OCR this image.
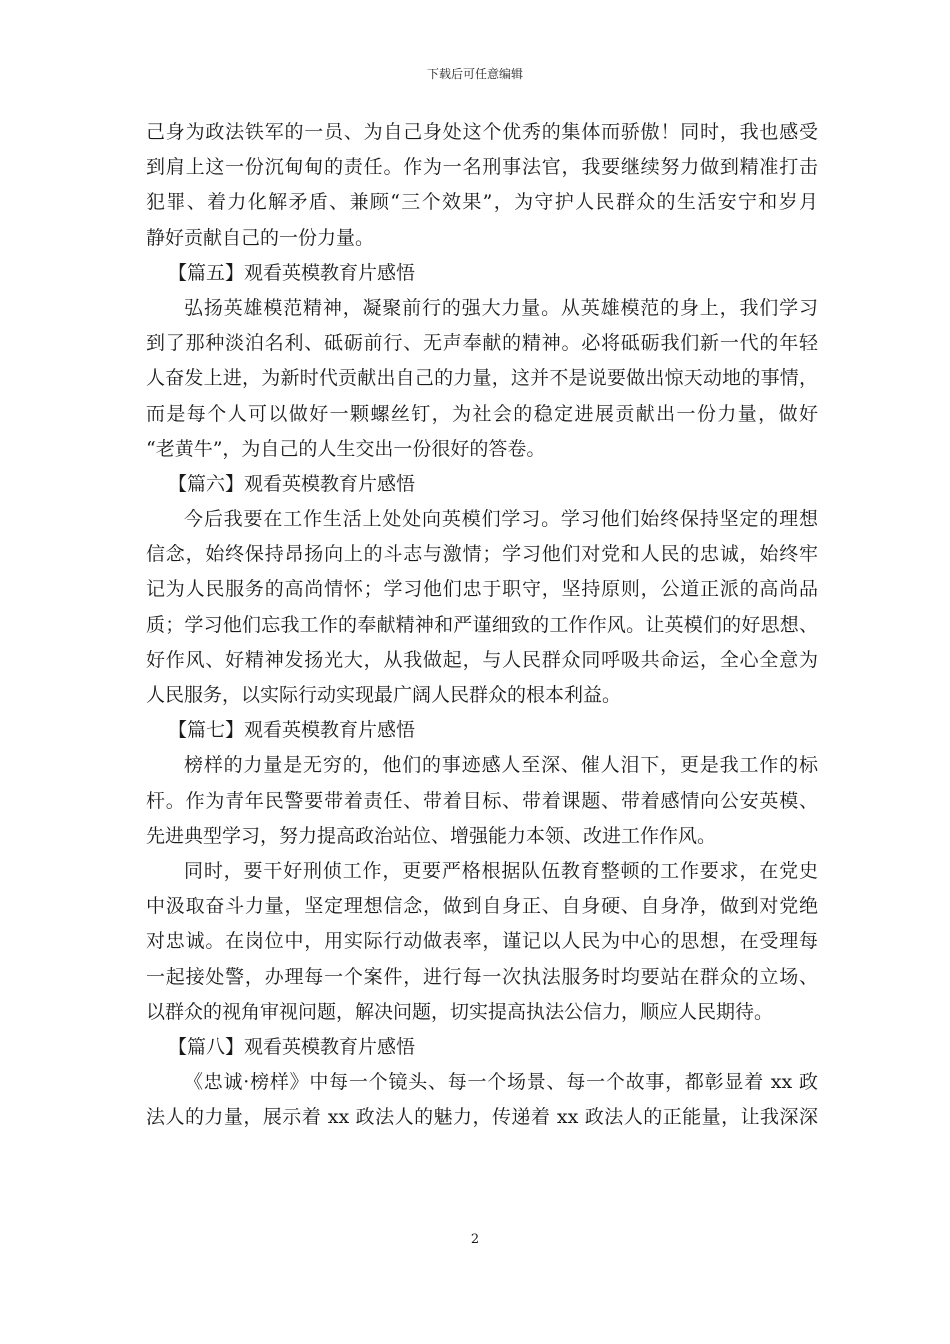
下载后可任意编辑
己身为政法铁军的一员、为自己身处这个优秀的集体而骄傲！同时，我也感受
到肩上这一份沉甸甸的责任。作为一名刑事法官，我要继续努力做到精准打击
犯罪、着力化解矛盾、兼顾“三个效果”，为守护人民群众的生活安宁和岁月
静好贡献自己的一份力量。
【篇五】观看英模教育片感悟
弘扬英雄模范精神，凝聚前行的强大力量。从英雄模范的身上，我们学习
到了那种淡泊名利、砥砺前行、无声奉献的精神。必将砥砺我们新一代的年轻
人奋发上进，为新时代贡献出自己的力量，这并不是说要做出惊天动地的事情，
而是每个人可以做好一颗螺丝钉，为社会的稳定进展贡献出一份力量，做好
“老黄牛”，为自己的人生交出一份很好的答卷。
【篇六】观看英模教育片感悟
今后我要在工作生活上处处向英模们学习。学习他们始终保持坚定的理想
信念，始终保持昂扬向上的斗志与激情；学习他们对党和人民的忠诚，始终牢
记为人民服务的高尚情怀；学习他们忠于职守，坚持原则，公道正派的高尚品
质；学习他们忘我工作的奉献精神和严谨细致的工作作风。让英模们的好思想、
好作风、好精神发扬光大，从我做起，与人民群众同呼吸共命运，全心全意为
人民服务，以实际行动实现最广阔人民群众的根本利益。
【篇七】观看英模教育片感悟
榜样的力量是无穷的，他们的事迹感人至深、催人泪下，更是我工作的标
杆。作为青年民警要带着责任、带着目标、带着课题、带着感情向公安英模、
先进典型学习，努力提高政治站位、增强能力本领、改进工作作风。
同时，要干好刑侦工作，更要严格根据队伍教育整顿的工作要求，在党史
中汲取奋斗力量，坚定理想信念，做到自身正、自身硬、自身净，做到对党绝
对忠诚。在岗位中，用实际行动做表率，谨记以人民为中心的思想，在受理每
一起接处警，办理每一个案件，进行每一次执法服务时均要站在群众的立场、
以群众的视角审视问题，解决问题，切实提高执法公信力，顺应人民期待。
【篇八】观看英模教育片感悟
《忠诚·榜样》中每一个镜头、每一个场景、每一个故事，都彰显着 xx 政
法人的力量，展示着 xx 政法人的魅力，传递着 xx 政法人的正能量，让我深深
2
